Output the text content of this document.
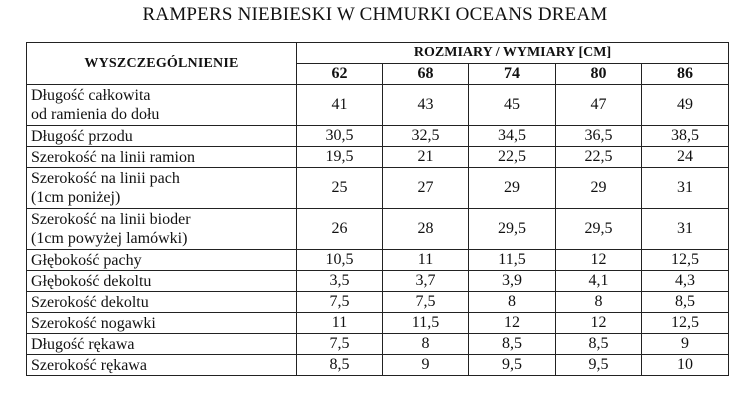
RAMPERS NIEBIESKI W CHMURKI OCEANS DREAM
WYSZCZEGÓLNIENIE	ROZMIARY / WYMIARY [CM]				
	62	68	74	80	86

Długość całkowita
od ramienia do dołu	41	43	45	47	49

Długość przodu	30,5	32,5	34,5	36,5	38,5

Szerokość na linii ramion	19,5	21	22,5	22,5	24

Szerokość na linii pach
(1cm poniżej)	25	27	29	29	31

Szerokość na linii bioder
(1cm powyżej lamówki)	26	28	29,5	29,5	31

Głębokość pachy	10,5	11	11,5	12	12,5

Głębokość dekoltu	3,5	3,7	3,9	4,1	4,3

Szerokość dekoltu	7,5	7,5	8	8	8,5

Szerokość nogawki	11	11,5	12	12	12,5

Długość rękawa	7,5	8	8,5	8,5	9

Szerokość rękawa	8,5	9	9,5	9,5	10
